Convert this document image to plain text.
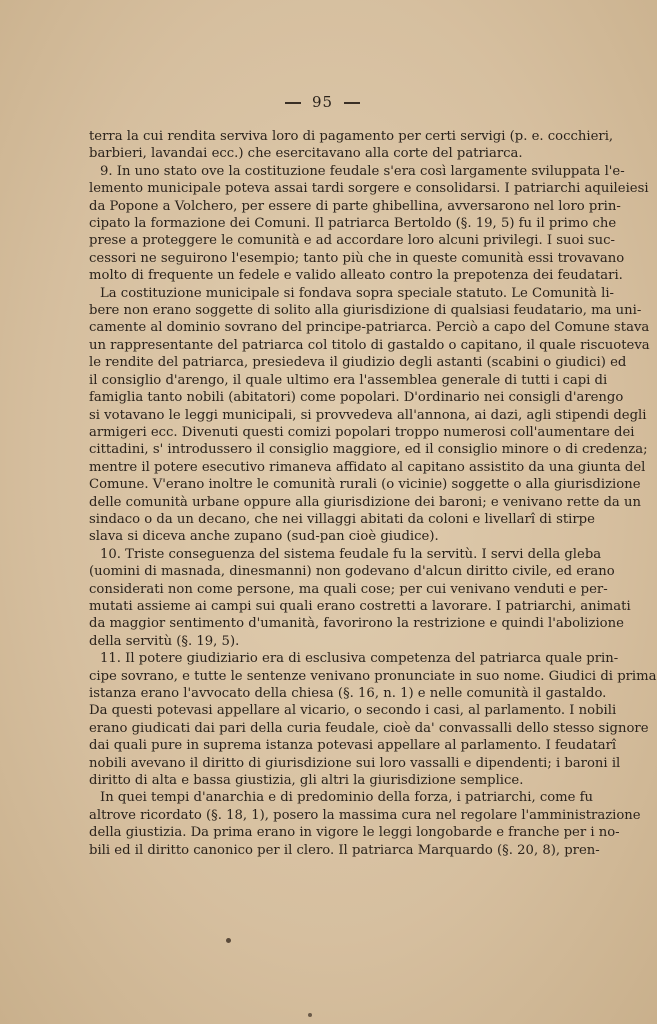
95
terra la cui rendita serviva loro di pagamento per certi servigi (p. e. cocchieri,
barbieri, lavandai ecc.) che esercitavano alla corte del patriarca.
9. In uno stato ove la costituzione feudale s'era così largamente sviluppata l'e-
lemento municipale poteva assai tardi sorgere e consolidarsi. I patriarchi aquileiesi
da Popone a Volchero, per essere di parte ghibellina, avversarono nel loro prin-
cipato la formazione dei Comuni. Il patriarca Bertoldo (§. 19, 5) fu il primo che
prese a proteggere le comunità e ad accordare loro alcuni privilegi. I suoi suc-
cessori ne seguirono l'esempio; tanto più che in queste comunità essi trovavano
molto di frequente un fedele e valido alleato contro la prepotenza dei feudatari.
La costituzione municipale si fondava sopra speciale statuto. Le Comunità li-
bere non erano soggette di solito alla giurisdizione di qualsiasi feudatario, ma uni-
camente al dominio sovrano del principe-patriarca. Perciò a capo del Comune stava
un rappresentante del patriarca col titolo di gastaldo o capitano, il quale riscuoteva
le rendite del patriarca, presiedeva il giudizio degli astanti (scabini o giudici) ed
il consiglio d'arengo, il quale ultimo era l'assemblea generale di tutti i capi di
famiglia tanto nobili (abitatori) come popolari. D'ordinario nei consigli d'arengo
si votavano le leggi municipali, si provvedeva all'annona, ai dazi, agli stipendi degli
armigeri ecc. Divenuti questi comizi popolari troppo numerosi coll'aumentare dei
cittadini, s' introdussero il consiglio maggiore, ed il consiglio minore o di credenza;
mentre il potere esecutivo rimaneva affidato al capitano assistito da una giunta del
Comune. V'erano inoltre le comunità rurali (o vicinie) soggette o alla giurisdizione
delle comunità urbane oppure alla giurisdizione dei baroni; e venivano rette da un
sindaco o da un decano, che nei villaggi abitati da coloni e livellarî di stirpe
slava si diceva anche zupano (sud-pan cioè giudice).
10. Triste conseguenza del sistema feudale fu la servitù. I servi della gleba
(uomini di masnada, dinesmanni) non godevano d'alcun diritto civile, ed erano
considerati non come persone, ma quali cose; per cui venivano venduti e per-
mutati assieme ai campi sui quali erano costretti a lavorare. I patriarchi, animati
da maggior sentimento d'umanità, favorirono la restrizione e quindi l'abolizione
della servitù (§. 19, 5).
11. Il potere giudiziario era di esclusiva competenza del patriarca quale prin-
cipe sovrano, e tutte le sentenze venivano pronunciate in suo nome. Giudici di prima
istanza erano l'avvocato della chiesa (§. 16, n. 1) e nelle comunità il gastaldo.
Da questi potevasi appellare al vicario, o secondo i casi, al parlamento. I nobili
erano giudicati dai pari della curia feudale, cioè da' convassalli dello stesso signore
dai quali pure in suprema istanza potevasi appellare al parlamento. I feudatarî
nobili avevano il diritto di giurisdizione sui loro vassalli e dipendenti; i baroni il
diritto di alta e bassa giustizia, gli altri la giurisdizione semplice.
In quei tempi d'anarchia e di predominio della forza, i patriarchi, come fu
altrove ricordato (§. 18, 1), posero la massima cura nel regolare l'amministrazione
della giustizia. Da prima erano in vigore le leggi longobarde e franche per i no-
bili ed il diritto canonico per il clero. Il patriarca Marquardo (§. 20, 8), pren-
